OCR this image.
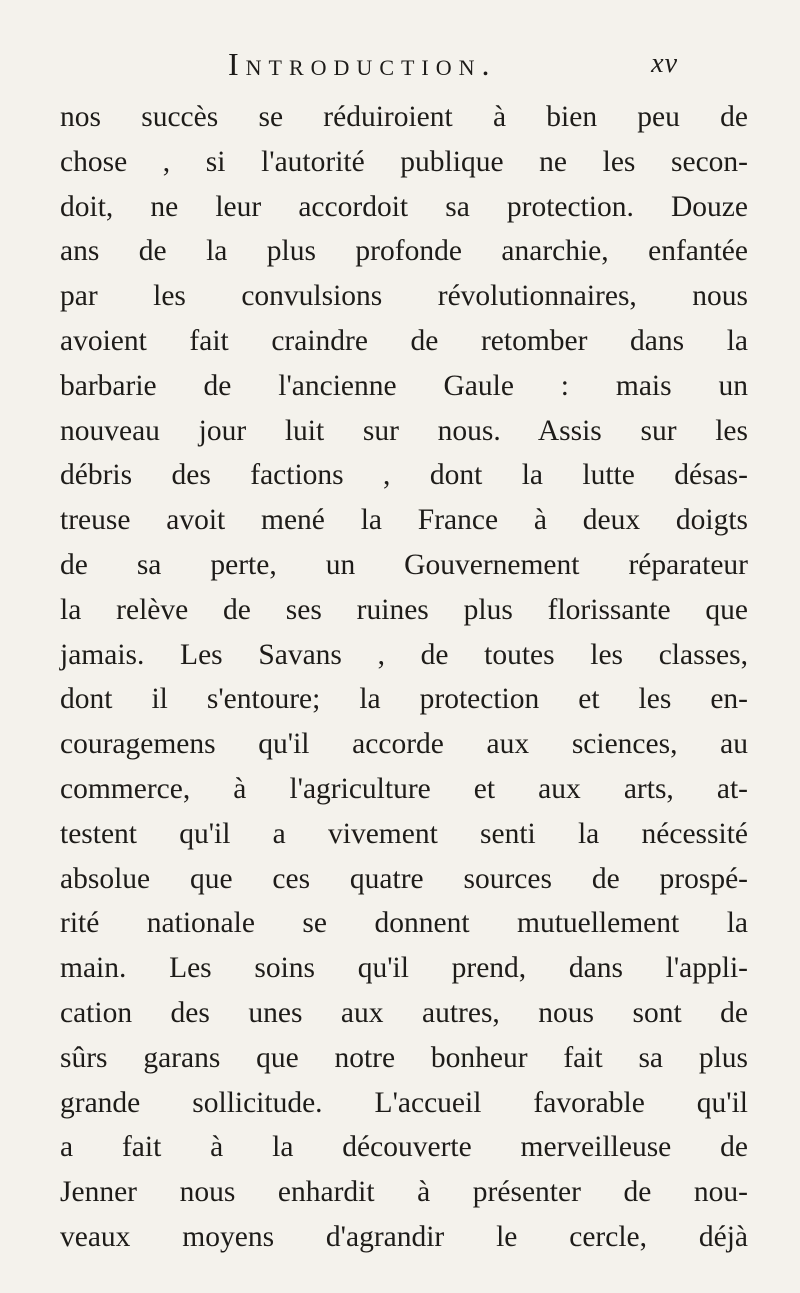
Introduction.	xv
nos succès se réduiroient à bien peu de
chose , si l'autorité publique ne les secon-
doit, ne leur accordoit sa protection. Douze
ans de la plus profonde anarchie, enfantée
par les convulsions révolutionnaires, nous
avoient fait craindre de retomber dans la
barbarie de l'ancienne Gaule : mais un
nouveau jour luit sur nous. Assis sur les
débris des factions , dont la lutte désas-
treuse avoit mené la France à deux doigts
de sa perte, un Gouvernement réparateur
la relève de ses ruines plus florissante que
jamais. Les Savans , de toutes les classes,
dont il s'entoure; la protection et les en-
couragemens qu'il accorde aux sciences, au
commerce, à l'agriculture et aux arts, at-
testent qu'il a vivement senti la nécessité
absolue que ces quatre sources de prospé-
rité nationale se donnent mutuellement la
main. Les soins qu'il prend, dans l'appli-
cation des unes aux autres, nous sont de
sûrs garans que notre bonheur fait sa plus
grande sollicitude. L'accueil favorable qu'il
a fait à la découverte merveilleuse de
Jenner nous enhardit à présenter de nou-
veaux moyens d'agrandir le cercle, déjà
